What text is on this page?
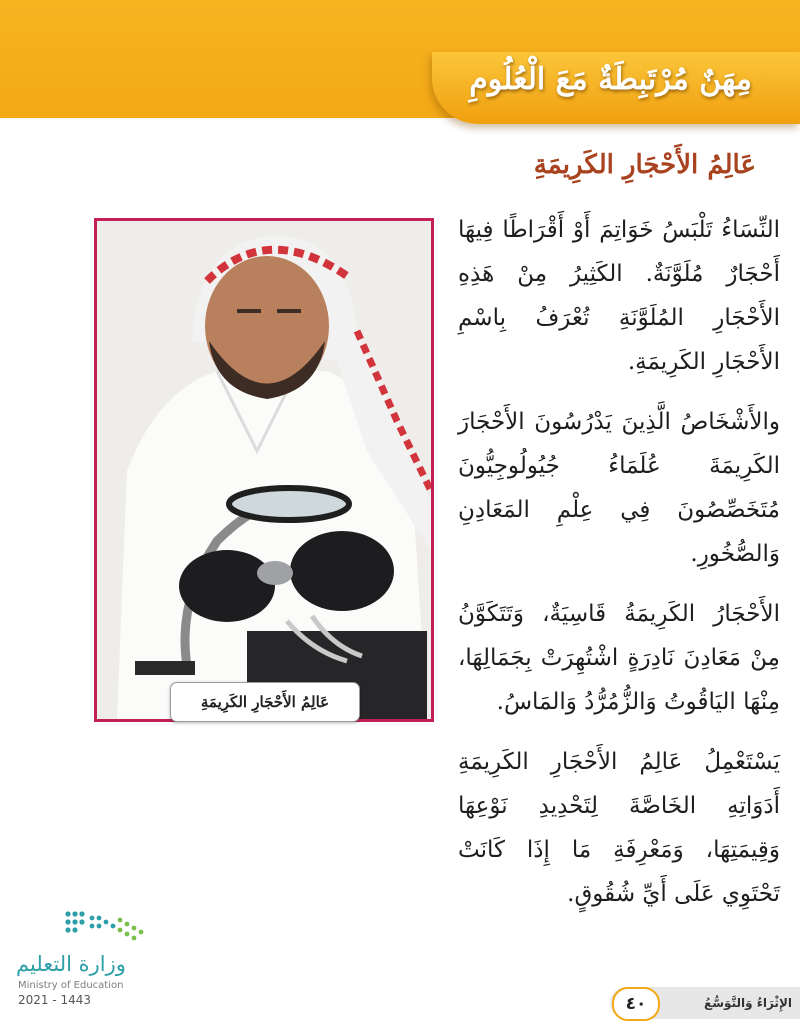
مِهَنٌ مُرْتَبِطَةٌ مَعَ الْعُلُومِ
عَالِمُ الأَحْجَارِ الكَرِيمَةِ
عَالِمُ الأَحْجَارِ الكَرِيمَةِ

النِّسَاءُ تَلْبَسُ خَوَاتِمَ أَوْ أَقْرَاطًا فِيهَا أَحْجَارٌ مُلَوَّنَةٌ. الكَثِيرُ مِنْ هَذِهِ الأَحْجَارِ المُلَوَّنَةِ تُعْرَفُ بِاسْمِ الأَحْجَارِ الكَرِيمَةِ.

والأَشْخَاصُ الَّذِينَ يَدْرُسُونَ الأَحْجَارَ الكَرِيمَةَ عُلَمَاءُ جُيُولُوجِيُّونَ مُتَخَصِّصُونَ فِي عِلْمِ المَعَادِنِ وَالصُّخُورِ.

الأَحْجَارُ الكَرِيمَةُ قَاسِيَةٌ، وَتَتَكَوَّنُ مِنْ مَعَادِنَ نَادِرَةٍ اشْتُهِرَتْ بِجَمَالِهَا، مِنْهَا اليَاقُوتُ وَالزُّمُرُّدُ وَالمَاسُ.

يَسْتَعْمِلُ عَالِمُ الأَحْجَارِ الكَرِيمَةِ أَدَوَاتِهِ الخَاصَّةَ لِتَحْدِيدِ نَوْعِهَا وَقِيمَتِهَا، وَمَعْرِفَةِ مَا إِذَا كَانَتْ تَحْتَوِي عَلَى أَيِّ شُقُوقٍ.

وزارة التعليم
Ministry of Education
2021 - 1443	٤٠	الإِثْرَاءُ وَالتَّوَسُّعُ
